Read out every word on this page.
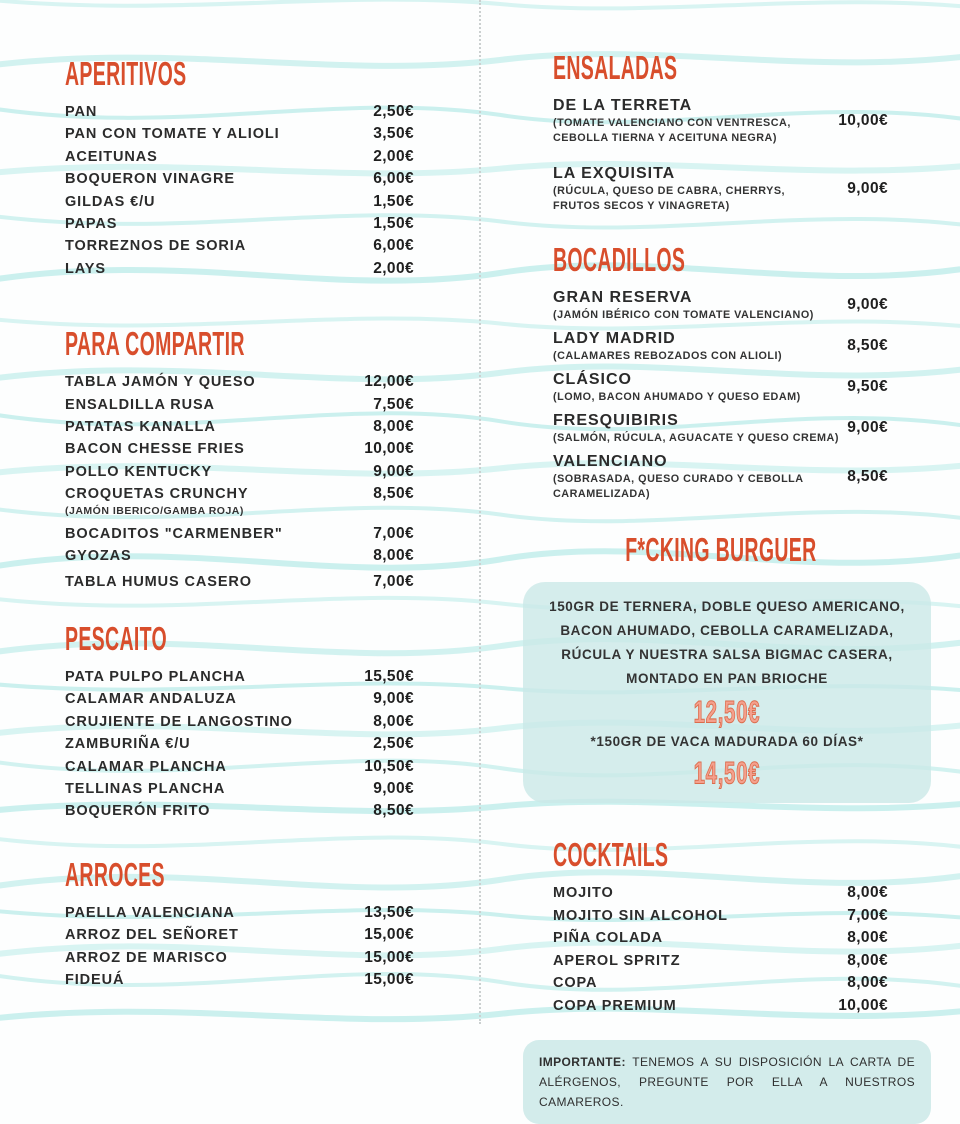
APERITIVOS
PAN	2,50€
PAN CON TOMATE Y ALIOLI	3,50€
ACEITUNAS	2,00€
BOQUERON VINAGRE	6,00€
GILDAS €/U	1,50€
PAPAS	1,50€
TORREZNOS DE SORIA	6,00€
LAYS	2,00€
PARA COMPARTIR
TABLA JAMÓN Y QUESO	12,00€
ENSALDILLA RUSA	7,50€
PATATAS KANALLA	8,00€
BACON CHESSE FRIES	10,00€
POLLO KENTUCKY	9,00€
CROQUETAS CRUNCHY	8,50€
(JAMÓN IBERICO/GAMBA ROJA)
BOCADITOS "CARMENBER"	7,00€
GYOZAS	8,00€
TABLA HUMUS CASERO	7,00€
PESCAITO
PATA PULPO PLANCHA	15,50€
CALAMAR ANDALUZA	9,00€
CRUJIENTE DE LANGOSTINO	8,00€
ZAMBURIÑA €/U	2,50€
CALAMAR PLANCHA	10,50€
TELLINAS PLANCHA	9,00€
BOQUERÓN FRITO	8,50€
ARROCES
PAELLA VALENCIANA	13,50€
ARROZ DEL SEÑORET	15,00€
ARROZ DE MARISCO	15,00€
FIDEUÁ	15,00€
ENSALADAS
DE LA TERRETA
(TOMATE VALENCIANO CON VENTRESCA, CEBOLLA TIERNA Y ACEITUNA NEGRA)
10,00€
LA EXQUISITA
(RÚCULA, QUESO DE CABRA, CHERRYS, FRUTOS SECOS Y VINAGRETA)
9,00€
BOCADILLOS
GRAN RESERVA
(JAMÓN IBÉRICO CON TOMATE VALENCIANO)
9,00€
LADY MADRID
(CALAMARES REBOZADOS CON ALIOLI)
8,50€
CLÁSICO
(LOMO, BACON AHUMADO Y QUESO EDAM)
9,50€
FRESQUIBIRIS
(SALMÓN, RÚCULA, AGUACATE Y QUESO CREMA)
9,00€
VALENCIANO
(SOBRASADA, QUESO CURADO Y CEBOLLA CARAMELIZADA)
8,50€
F*CKING BURGUER
150GR DE TERNERA, DOBLE QUESO AMERICANO, BACON AHUMADO, CEBOLLA CARAMELIZADA, RÚCULA Y NUESTRA SALSA BIGMAC CASERA, MONTADO EN PAN BRIOCHE
12,50€
*150GR DE VACA MADURADA 60 DÍAS*
14,50€
COCKTAILS
MOJITO	8,00€
MOJITO SIN ALCOHOL	7,00€
PIÑA COLADA	8,00€
APEROL SPRITZ	8,00€
COPA	8,00€
COPA PREMIUM	10,00€
IMPORTANTE: TENEMOS A SU DISPOSICIÓN LA CARTA DE ALÉRGENOS, PREGUNTE POR ELLA A NUESTROS CAMAREROS.
